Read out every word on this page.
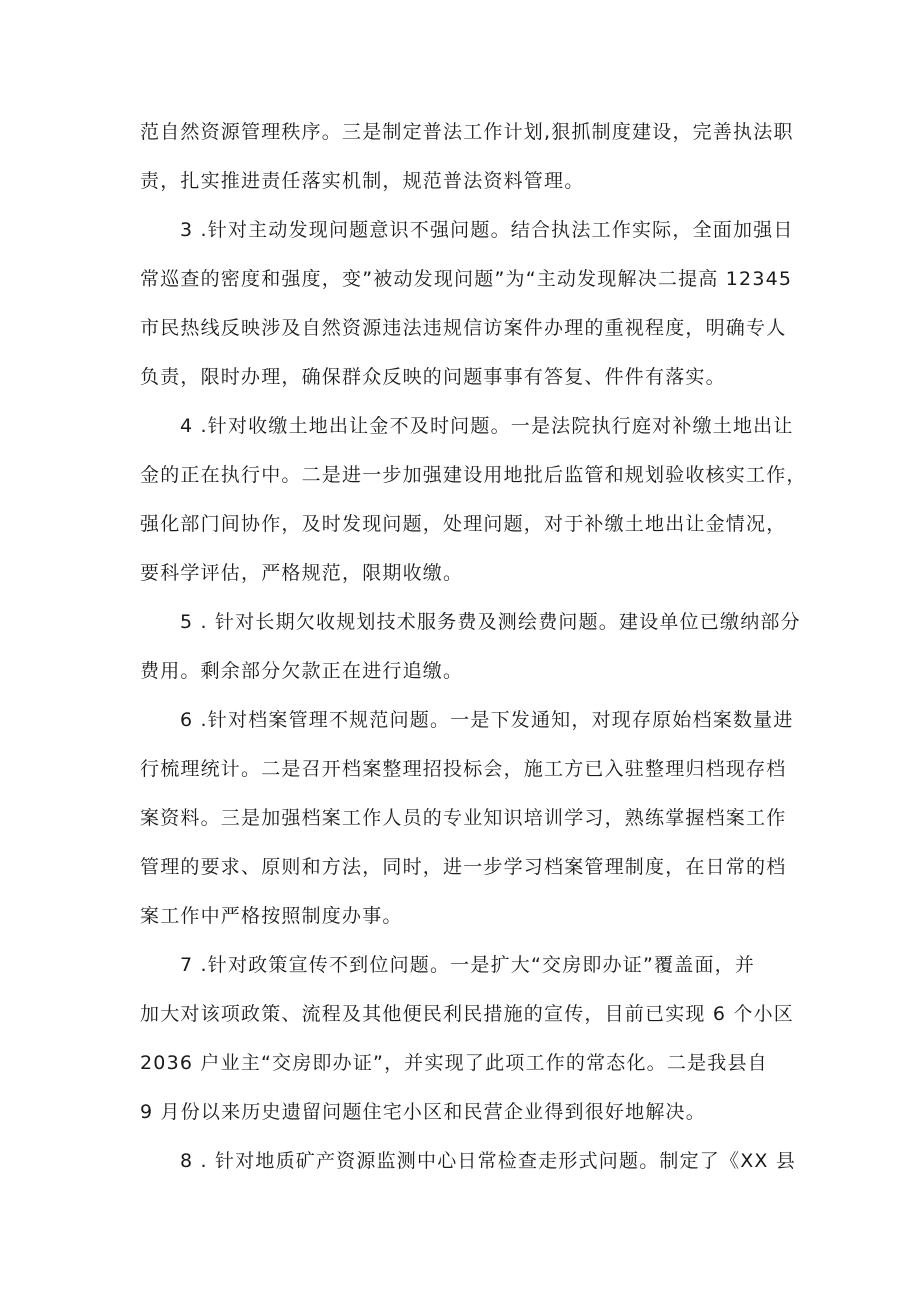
范自然资源管理秩序。三是制定普法工作计划,狠抓制度建设，完善执法职
责，扎实推进责任落实机制，规范普法资料管理。
3 .针对主动发现问题意识不强问题。结合执法工作实际，全面加强日
常巡查的密度和强度，变”被动发现问题”为“主动发现解决二提高 12345
市民热线反映涉及自然资源违法违规信访案件办理的重视程度，明确专人
负责，限时办理，确保群众反映的问题事事有答复、件件有落实。
4 .针对收缴土地出让金不及时问题。一是法院执行庭对补缴土地出让
金的正在执行中。二是进一步加强建设用地批后监管和规划验收核实工作，
强化部门间协作，及时发现问题，处理问题，对于补缴土地出让金情况，
要科学评估，严格规范，限期收缴。
5 . 针对长期欠收规划技术服务费及测绘费问题。建设单位已缴纳部分
费用。剩余部分欠款正在进行追缴。
6 .针对档案管理不规范问题。一是下发通知，对现存原始档案数量进
行梳理统计。二是召开档案整理招投标会，施工方已入驻整理归档现存档
案资料。三是加强档案工作人员的专业知识培训学习，熟练掌握档案工作
管理的要求、原则和方法，同时，进一步学习档案管理制度，在日常的档
案工作中严格按照制度办事。
7 .针对政策宣传不到位问题。一是扩大“交房即办证”覆盖面，并
加大对该项政策、流程及其他便民利民措施的宣传，目前已实现 6 个小区
2036 户业主“交房即办证”，并实现了此项工作的常态化。二是我县自
9 月份以来历史遗留问题住宅小区和民营企业得到很好地解决。
8 . 针对地质矿产资源监测中心日常检查走形式问题。制定了《XX 县
